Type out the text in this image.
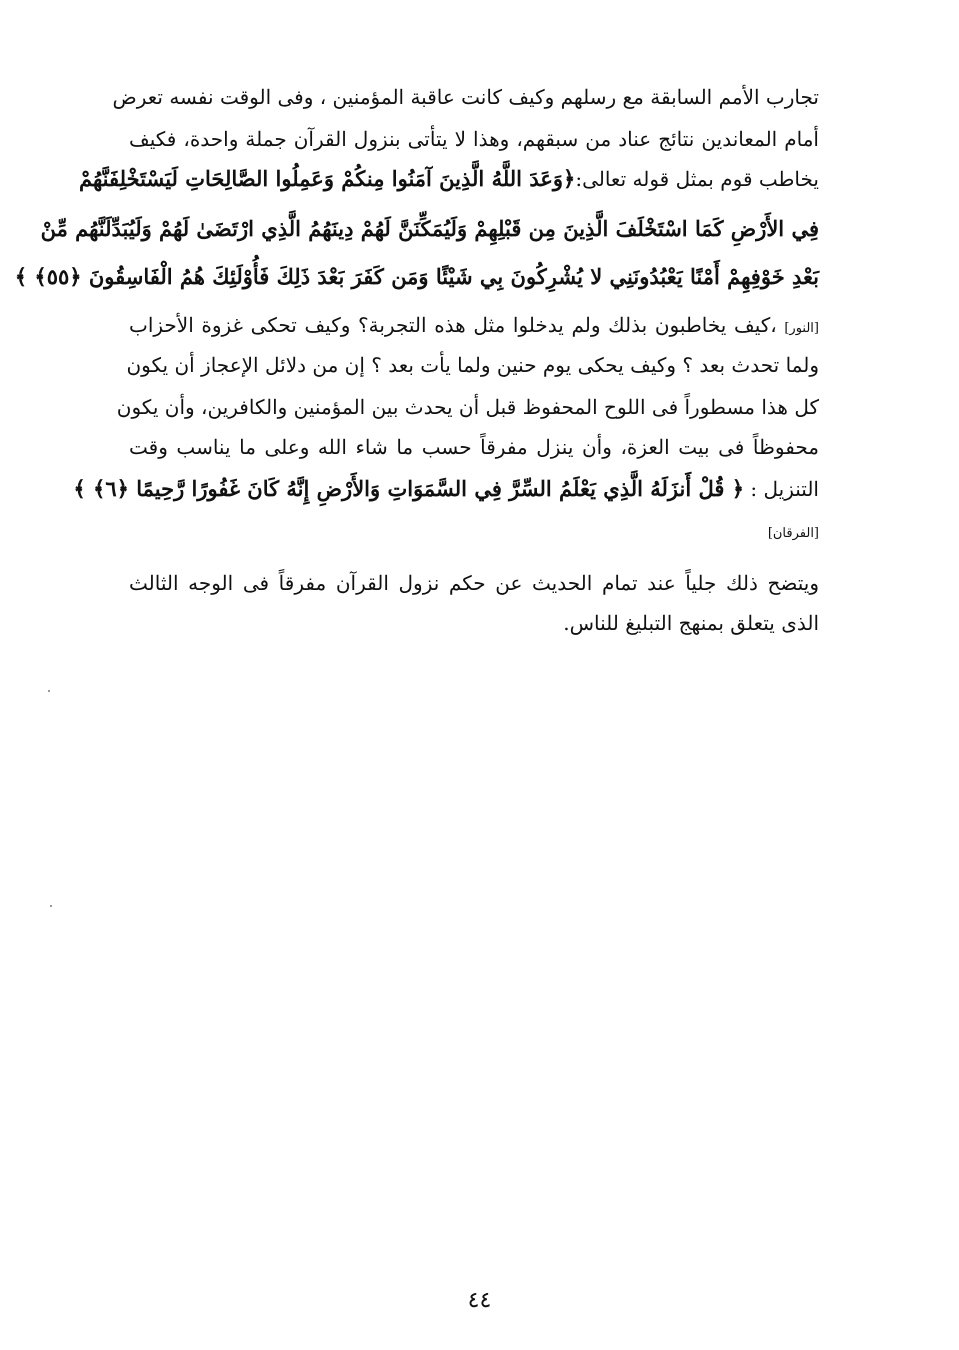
تجارب الأمم السابقة مع رسلهم وكيف كانت عاقبة المؤمنين ، وفى الوقت نفسه تعرض
أمام المعاندين نتائج عناد من سبقهم، وهذا لا يتأتى بنزول القرآن جملة واحدة، فكيف
يخاطب قوم بمثل قوله تعالى:﴿وَعَدَ اللَّهُ الَّذِينَ آمَنُوا مِنكُمْ وَعَمِلُوا الصَّالِحَاتِ لَيَسْتَخْلِفَنَّهُمْ
فِي الأَرْضِ كَمَا اسْتَخْلَفَ الَّذِينَ مِن قَبْلِهِمْ وَلَيُمَكِّنَنَّ لَهُمْ دِينَهُمُ الَّذِي ارْتَضَىٰ لَهُمْ وَلَيُبَدِّلَنَّهُم مِّنْ
بَعْدِ خَوْفِهِمْ أَمْنًا يَعْبُدُونَنِي لا يُشْرِكُونَ بِي شَيْئًا وَمَن كَفَرَ بَعْدَ ذَلِكَ فَأُوْلَئِكَ هُمُ الْفَاسِقُونَ ﴿٥٥﴾ ﴾
[النور] ،كيف يخاطبون بذلك ولم يدخلوا مثل هذه التجربة؟ وكيف تحكى غزوة الأحزاب
ولما تحدث بعد ؟ وكيف يحكى يوم حنين ولما يأت بعد ؟ إن من دلائل الإعجاز أن يكون
كل هذا مسطوراً فى اللوح المحفوظ قبل أن يحدث بين المؤمنين والكافرين، وأن يكون
محفوظاً فى بيت العزة، وأن ينزل مفرقاً حسب ما شاء الله وعلى ما يناسب وقت
التنزيل : ﴿ قُلْ أَنزَلَهُ الَّذِي يَعْلَمُ السِّرَّ فِي السَّمَوَاتِ وَالأَرْضِ إِنَّهُ كَانَ غَفُورًا رَّحِيمًا ﴿٦﴾ ﴾
[الفرقان]
ويتضح ذلك جلياً عند تمام الحديث عن حكم نزول القرآن مفرقاً فى الوجه الثالث
الذى يتعلق بمنهج التبليغ للناس.
٤٤
